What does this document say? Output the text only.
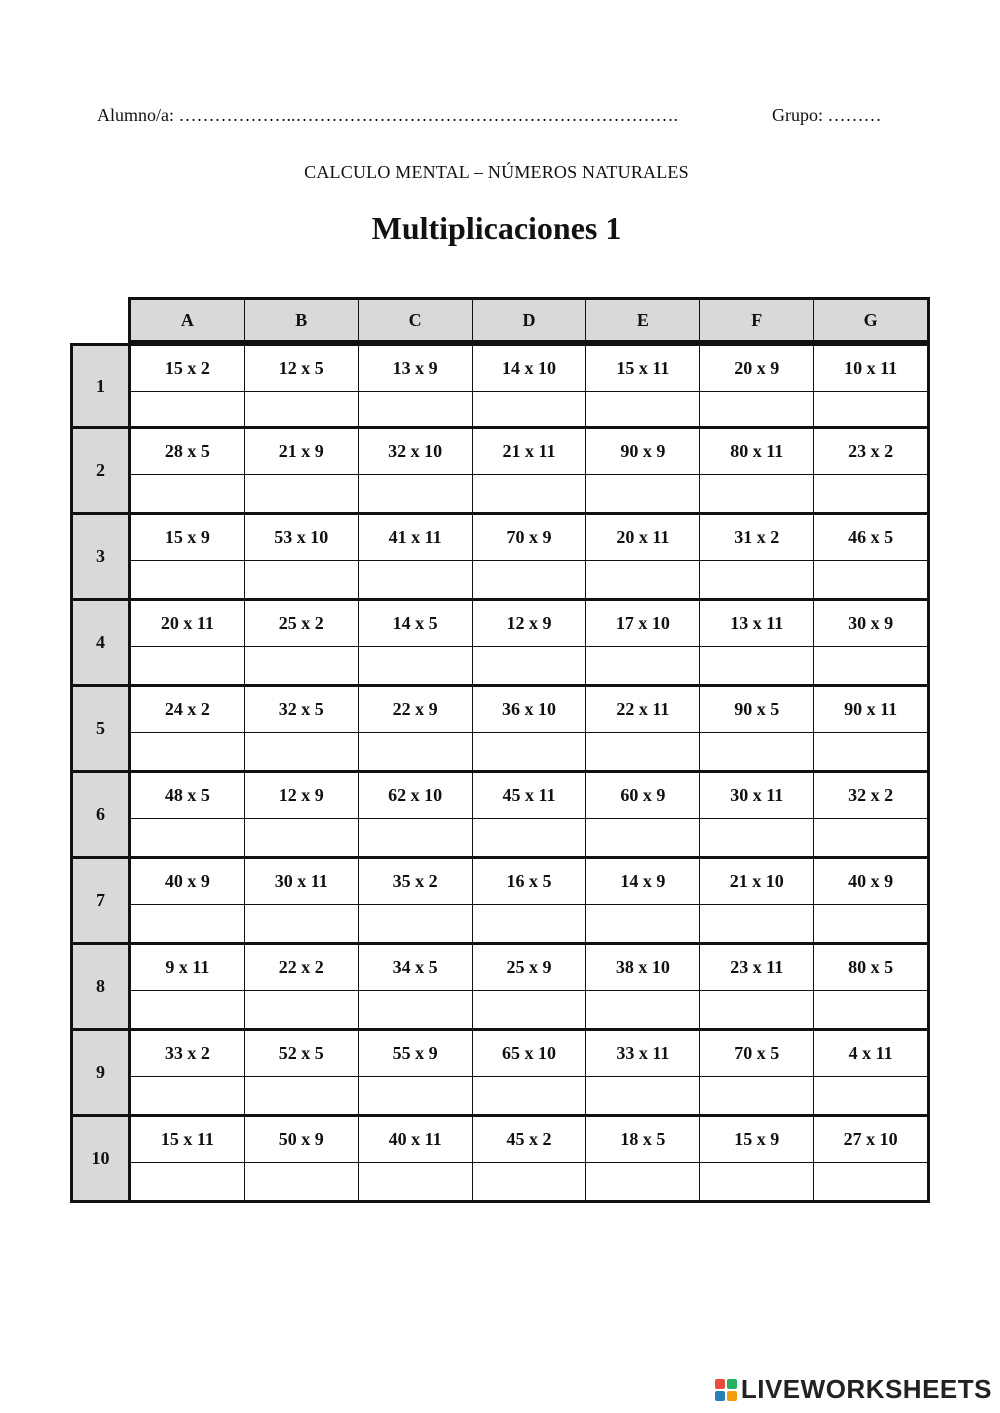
Alumno/a: ………………..……………………………………………………….	Grupo: ………
CALCULO MENTAL – NÚMEROS NATURALES
Multiplicaciones 1
A	B	C	D	E	F	G
1
15 x 2	12 x 5	13 x 9	14 x 10	15 x 11	20 x 9	10 x 11
2
28 x 5	21 x 9	32 x 10	21 x 11	90 x 9	80 x 11	23 x 2
3
15 x 9	53 x 10	41 x 11	70 x 9	20 x 11	31 x 2	46 x 5
4
20 x 11	25 x 2	14 x 5	12 x 9	17 x 10	13 x 11	30 x 9
5
24 x 2	32 x 5	22 x 9	36 x 10	22 x 11	90 x 5	90 x 11
6
48 x 5	12 x 9	62 x 10	45 x 11	60 x 9	30 x 11	32 x 2
7
40 x 9	30 x 11	35 x 2	16 x 5	14 x 9	21 x 10	40 x 9
8
9 x 11	22 x 2	34 x 5	25 x 9	38 x 10	23 x 11	80 x 5
9
33 x 2	52 x 5	55 x 9	65 x 10	33 x 11	70 x 5	4 x 11
10
15 x 11	50 x 9	40 x 11	45 x 2	18 x 5	15 x 9	27 x 10
LIVEWORKSHEETS
